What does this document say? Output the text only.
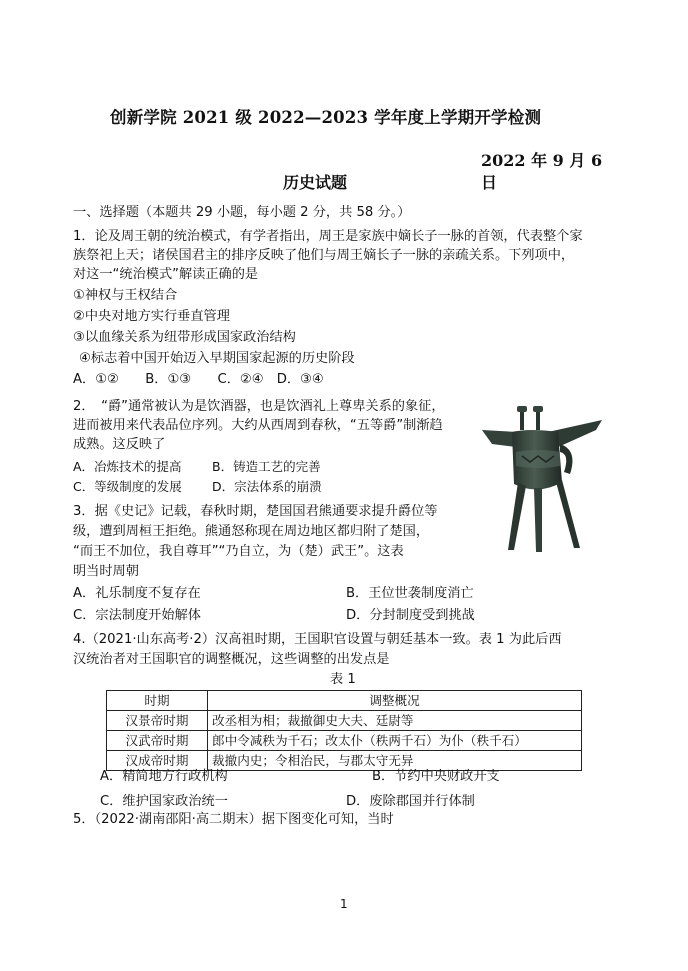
创新学院 2021 级 2022—2023 学年度上学期开学检测
2022 年 9 月 6
日
历史试题
一、选择题（本题共 29 小题，每小题 2 分，共 58 分。）
1．论及周王朝的统治模式，有学者指出，周王是家族中嫡长子一脉的首领，代表整个家
族祭祀上天；诸侯国君主的排序反映了他们与周王嫡长子一脉的亲疏关系。下列项中，
对这一“统治模式”解读正确的是
①神权与王权结合
②中央对地方实行垂直管理
③以血缘关系为纽带形成国家政治结构
④标志着中国开始迈入早期国家起源的历史阶段
A．①②　　B．①③　　C．②④　D．③④
2．　“爵”通常被认为是饮酒器，也是饮酒礼上尊卑关系的象征，
进而被用来代表品位序列。大约从西周到春秋，“五等爵”制渐趋
成熟。这反映了
A．冶炼技术的提高 B．铸造工艺的完善
C．等级制度的发展 D．宗法体系的崩溃
3．据《史记》记载，春秋时期，楚国国君熊通要求提升爵位等
级，遭到周桓王拒绝。熊通怒称现在周边地区都归附了楚国，
“而王不加位，我自尊耳”“乃自立，为（楚）武王”。这表
明当时周朝
A．礼乐制度不复存在	B．王位世袭制度消亡
C．宗法制度开始解体	D．分封制度受到挑战
4.（2021·山东高考·2）汉高祖时期，王国职官设置与朝廷基本一致。表 1 为此后西
汉统治者对王国职官的调整概况，这些调整的出发点是
表 1
时期	调整概况
汉景帝时期	改丞相为相；裁撤御史大夫、廷尉等
汉武帝时期	郎中令减秩为千石；改太仆（秩两千石）为仆（秩千石）
汉成帝时期	裁撤内史；令相治民，与郡太守无异
A．精简地方行政机构	B．节约中央财政开支
C．维护国家政治统一	D．废除郡国并行体制
5．（2022·湖南邵阳·高二期末）据下图变化可知，当时
1
